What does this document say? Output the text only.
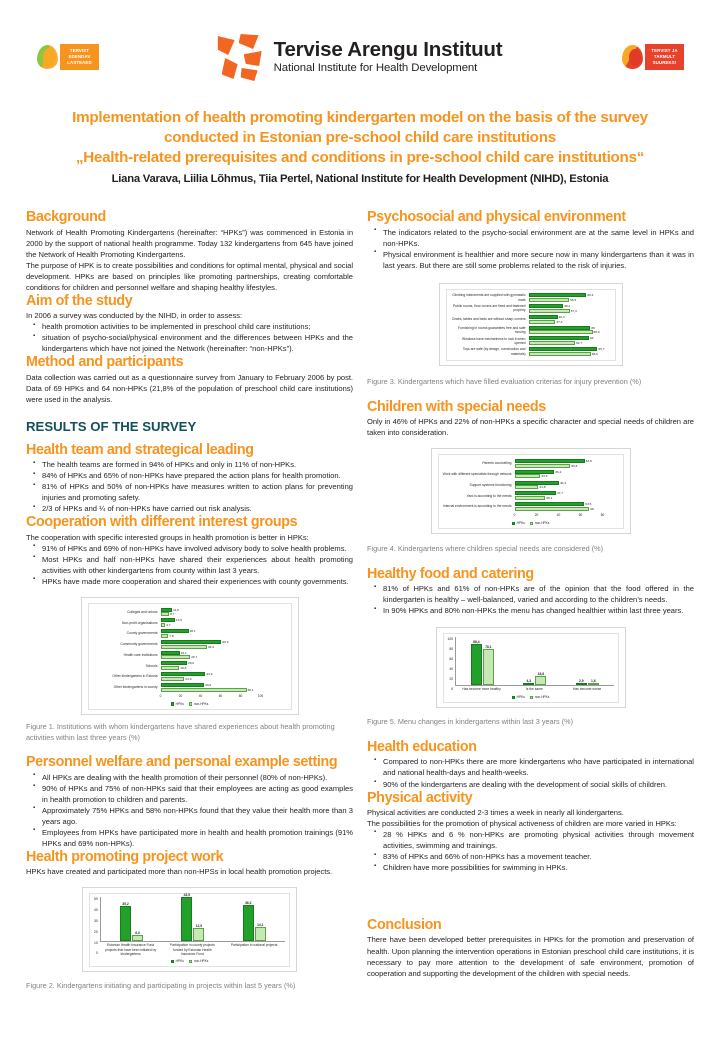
TERVIST EDENDAV LASTEAED
Tervise Arengu Instituut
National Institute for Health Development
TERVIST JA TARMULT SUUREKS!
Implementation of health promoting kindergarten model on the basis of the survey
conducted in Estonian pre-school child care institutions
„Health-related prerequisites and conditions in pre-school child care institutions“
Liana Varava, Liilia Lõhmus, Tiia Pertel, National Institute for Health Development (NIHD), Estonia
Background

Network of Health Promoting Kindergartens (hereinafter: “HPKs”) was commenced in Estonia in 2000 by the support of national health programme. Today 132 kindergartens from 645 have joined the Network of Health Promoting Kindergartens.

The purpose of HPK is to create possibilities and conditions for optimal mental, physical and social development. HPKs are based on principles like promoting partnerships, creating comfortable conditions for children and personnel welfare and shaping healthy lifestyles.

Aim of the study

In 2006 a survey was conducted by the NIHD, in order to assess:

▪ health promotion activities to be implemented in preschool child care institutions;
▪ situation of psycho-social/physical environment and the differences between HPKs and the kindergartens which have not joined the Network (hereinafter: “non-HPKs”).
Method and participants

Data collection was carried out as a questionnaire survey from January to February 2006 by post. Data of 69 HPKs and 64 non-HPKs (21,8% of the population of preschool child care institutions) were used in the analysis.

RESULTS OF THE SURVEY
Health team and strategical leading
▪ The health teams are formed in 94% of HPKs and only in 11% of non-HPKs.
▪ 84% of HPKs and 65% of non-HPKs have prepared the action plans for health promotion.
▪ 81% of HPKs and 50% of non-HPKs have measures written to action plans for preventing injuries and promoting safety.
▪ 2/3 of HPKs and ¼ of non-HPKs have carried out risk analysis.
Cooperation with different interest groups

The cooperation with specific interested groups in health promotion is better in HPKs:

▪ 91% of HPKs and 69% of non-HPKs have involved advisory body to solve health problems.
▪ Most HPKs and half non-HPKs have shared their experiences about health promoting activities with other kindergartens from county within last 3 years.
▪ HPKs have made more cooperation and shared their experiences with county governments.
Colleges and unions
11,6
8,7
Non-profit organisations
14,5
4,7
County governments
28,1
7,8
Community governments
60,9
46,4
Health care institutions
19,1
29,7
Schools
26,6
18,8
Other kindergartens in Estonia
44,9
23,9
Other kindergartens in county
43,6
86,1
0	20	40	60	80	100
HPKs	non-HPKs
Figure 1. Institutions with whom kindergartens have shared experiences about health promoting activities within last three years (%)
Personnel welfare and personal example setting
▪ All HPKs are dealing with the health promotion of their personnel (80% of non-HPKs).
▪ 90% of HPKs and 75% of non-HPKs said that their employees are acting as good examples in health promotion to children and parents.
▪ Approximately 75% HPKs and 58% non-HPKs found that they value their health more than 3 years ago.
▪ Employees from HPKs have participated more in health and health promotion trainings (91% HPKs and 69% non-HPKs).
Health promoting project work

HPKs have created and participated more than non-HPSs in local health promotion projects.

50
40
30
20
10
0
35,2
6,3
43,5
12,5
36,2
14,1
Estonian Health Insurance Fund projects that have been initiated by kindergartens
Participation in county projects funded by Estonian Health Insurance Fund
Participation in national projects
HPKs	non-HPKs
Figure 2. Kindergartens initiating and participating in projects within last 5 years (%)
Psychosocial and physical environment
▪ The indicators related to the psycho-social environment are at the same level in HPKs and non-HPKs.
▪ Physical environment is healthier and more secure now in many kindergartens than it was in last years. But there are still some problems related to the risk of injuries.
Climbing instruments are supplied with gymnastic mats
80,4
56,5
Public rooms, floor covers are fixed and fastened properly
48,2
57,3
Chairs, tables and beds are without sharp corners
40,3
37,3
Furnishing in rooms guarantees free and safe moving
86
88,9
Windows have mechanisms to lock it when opened
84
64,7
Toys are safe (by design, construction and materials)
95,7
86,6
Figure 3. Kindergartens which have filled evaluation criterias for injury prevention (%)
Children with special needs

Only in 46% of HPKs and 22% of non-HPKs a specific character and special needs of children are taken into consideration.

Parents counselling
63,8
50,8
Work with different specialists through network
36,2
23,6
Support systems functioning
40,4
21,8
Yard is according to the needs
37,7
28,1
Internal environment is according to the needs
63,5
68
0	20	40	60	80
HPKs	non-HPKs
Figure 4. Kindergartens where children special needs are considered (%)
Healthy food and catering
▪ 81% of HPKs and 61% of non-HPKs are of the opinion that the food offered in the kindergarten is healthy – well-balanced, varied and according to the children’s needs.
▪ In 90% HPKs and 80% non-HPKs the menu has changed healthier within last three years.
100
80
60
40
20
0
88,4
78,1
4,3
18,8
2,9 1,6
Has become more healthy	Is the same	Has become worse
HPKs	non-HPKs
Figure 5. Menu changes in kindergartens within last 3 years (%)
Health education
▪ Compared to non-HPKs there are more kindergartens who have participated in international and national health-days and health-weeks.
▪ 90% of the kindergartens are dealing with the development of social skills of children.
Physical activity

Physical activities are conducted 2-3 times a week in nearly all kindergartens.

The possibilities for the promotion of physical activeness of children are more varied in HPKs:

▪ 28 % HPKs and 6 % non-HPKs are promoting physical activities through movement activities, swimming and trainings.
▪ 83% of HPKs and 66% of non-HPKs has a movement teacher.
▪ Children have more possibilities for swimming in HPKs.
Conclusion

There have been developed better prerequisites in HPKs for the promotion and preservation of health. Upon planning the intervention operations in Estonian preschool child care institutions, it is necessary to pay more attention to the development of safe environment, promotion of cooperation and supporting the development of the children with special needs.
